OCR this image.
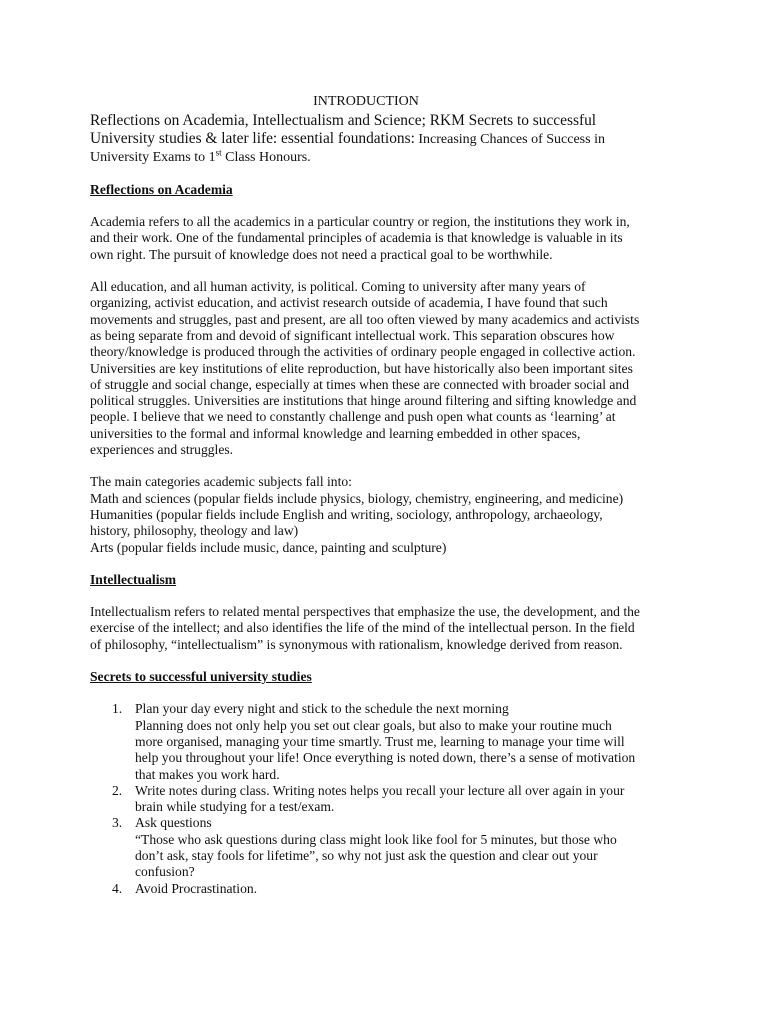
INTRODUCTION

Reflections on Academia, Intellectualism and Science; RKM Secrets to successful University studies & later life: essential foundations: Increasing Chances of Success in University Exams to 1st Class Honours.

Reflections on Academia

Academia refers to all the academics in a particular country or region, the institutions they work in, and their work. One of the fundamental principles of academia is that knowledge is valuable in its own right. The pursuit of knowledge does not need a practical goal to be worthwhile.

All education, and all human activity, is political. Coming to university after many years of organizing, activist education, and activist research outside of academia, I have found that such movements and struggles, past and present, are all too often viewed by many academics and activists as being separate from and devoid of significant intellectual work. This separation obscures how theory/knowledge is produced through the activities of ordinary people engaged in collective action. Universities are key institutions of elite reproduction, but have historically also been important sites of struggle and social change, especially at times when these are connected with broader social and political struggles. Universities are institutions that hinge around filtering and sifting knowledge and people. I believe that we need to constantly challenge and push open what counts as ‘learning’ at universities to the formal and informal knowledge and learning embedded in other spaces, experiences and struggles.

The main categories academic subjects fall into:

Math and sciences (popular fields include physics, biology, chemistry, engineering, and medicine)

Humanities (popular fields include English and writing, sociology, anthropology, archaeology, history, philosophy, theology and law)

Arts (popular fields include music, dance, painting and sculpture)

Intellectualism

Intellectualism refers to related mental perspectives that emphasize the use, the development, and the exercise of the intellect; and also identifies the life of the mind of the intellectual person. In the field of philosophy, “intellectualism” is synonymous with rationalism, knowledge derived from reason.

Secrets to successful university studies
1. Plan your day every night and stick to the schedule the next morning
Planning does not only help you set out clear goals, but also to make your routine much more organised, managing your time smartly. Trust me, learning to manage your time will help you throughout your life! Once everything is noted down, there’s a sense of motivation that makes you work hard.
2. Write notes during class. Writing notes helps you recall your lecture all over again in your brain while studying for a test/exam.
3. Ask questions
“Those who ask questions during class might look like fool for 5 minutes, but those who don’t ask, stay fools for lifetime”, so why not just ask the question and clear out your confusion?
4. Avoid Procrastination.
